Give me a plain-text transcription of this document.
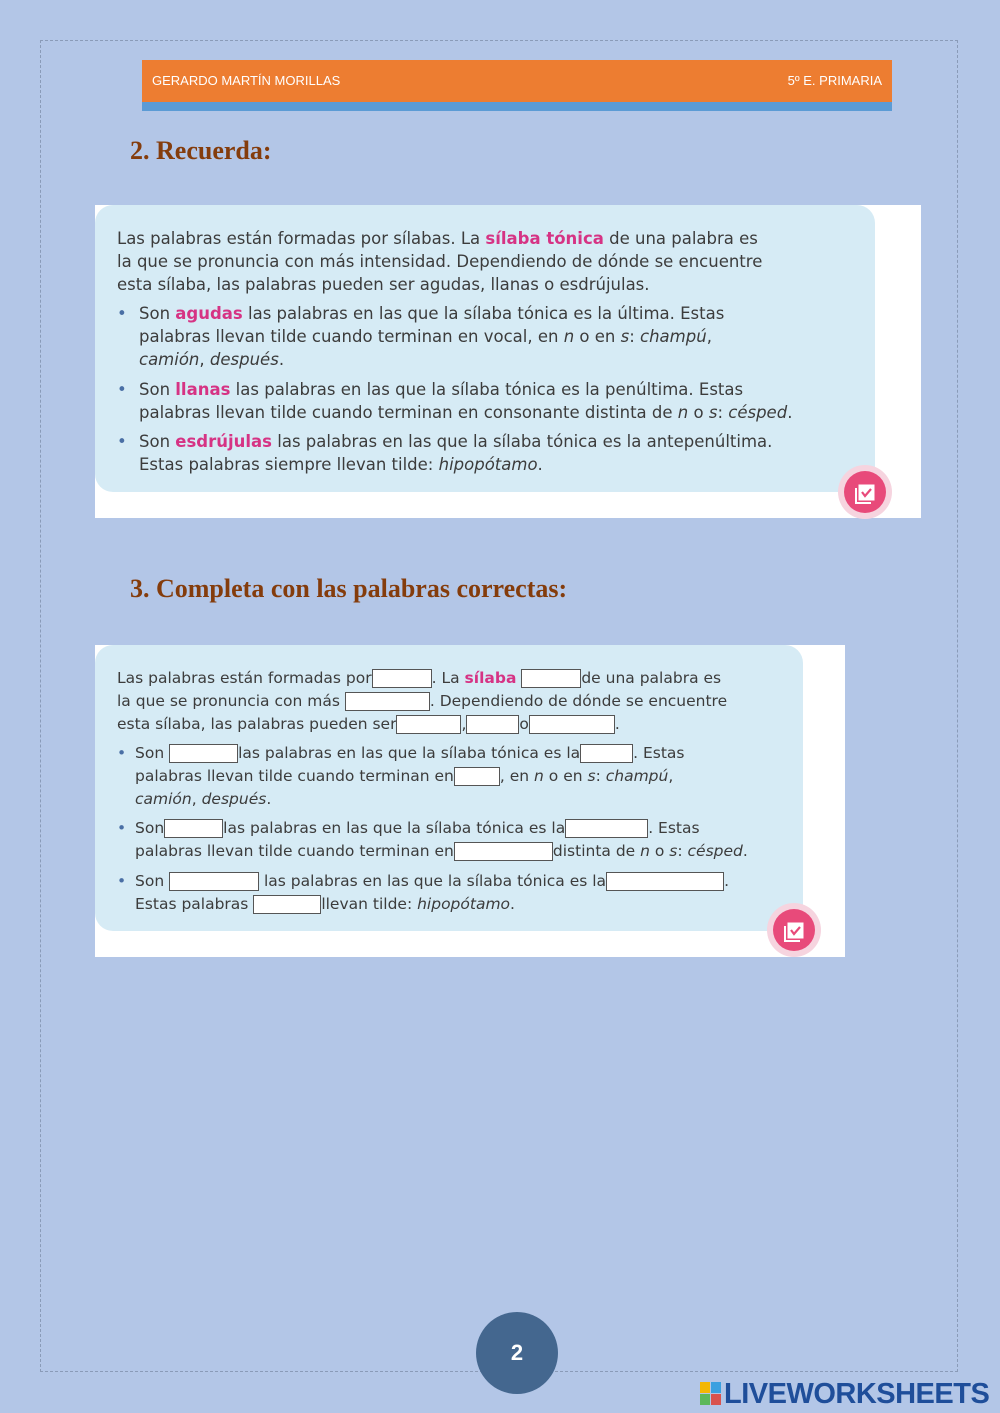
GERARDO MARTÍN MORILLAS	5º E. PRIMARIA
2. Recuerda:
Las palabras están formadas por sílabas. La sílaba tónica de una palabra es
la que se pronuncia con más intensidad. Dependiendo de dónde se encuentre
esta sílaba, las palabras pueden ser agudas, llanas o esdrújulas.
• Son agudas las palabras en las que la sílaba tónica es la última. Estas
palabras llevan tilde cuando terminan en vocal, en n o en s: champú,
camión, después.
• Son llanas las palabras en las que la sílaba tónica es la penúltima. Estas
palabras llevan tilde cuando terminan en consonante distinta de n o s: césped.
• Son esdrújulas las palabras en las que la sílaba tónica es la antepenúltima.
Estas palabras siempre llevan tilde: hipopótamo.
3. Completa con las palabras correctas:
Las palabras están formadas por	. La sílaba	de una palabra es
la que se pronuncia con más	. Dependiendo de dónde se encuentre
esta sílaba, las palabras pueden ser	,	o	.
• Son	las palabras en las que la sílaba tónica es la	. Estas
palabras llevan tilde cuando terminan en	, en n o en s: champú,
camión, después.
• Son	las palabras en las que la sílaba tónica es la	. Estas
palabras llevan tilde cuando terminan en	distinta de n o s: césped.
• Son	las palabras en las que la sílaba tónica es la	.
Estas palabras	llevan tilde: hipopótamo.
2
LIVEWORKSHEETS
